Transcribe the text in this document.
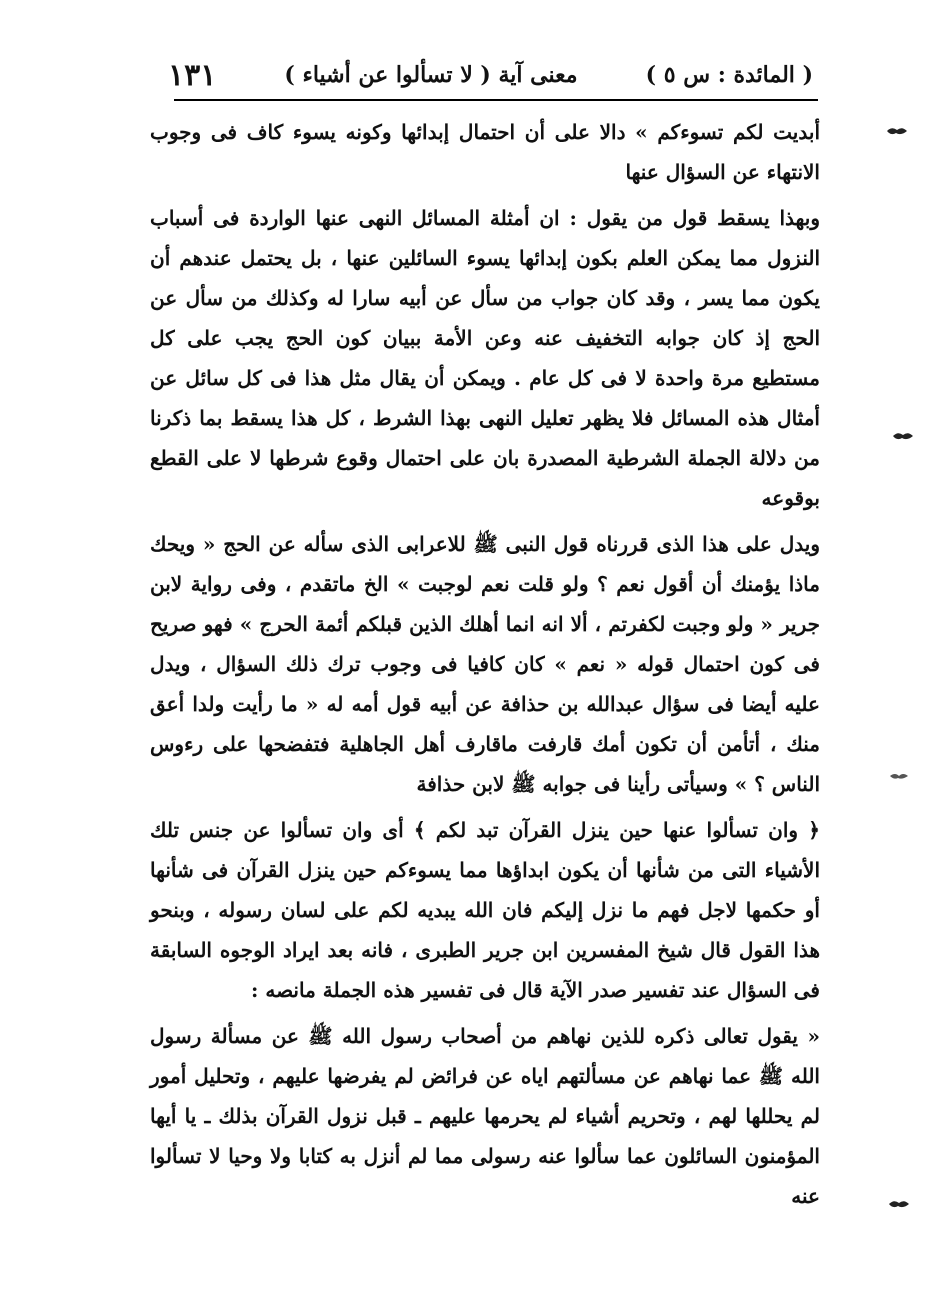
( المائدة : س ٥ )
معنى آية ( لا تسألوا عن أشياء )
١٣١

أبديت لكم تسوءكم » دالا على أن احتمال إبدائها وكونه يسوء كاف فى وجوب الانتهاء عن السؤال عنها

وبهذا يسقط قول من يقول : ان أمثلة المسائل النهى عنها الواردة فى أسباب النزول مما يمكن العلم بكون إبدائها يسوء السائلين عنها ، بل يحتمل عندهم أن يكون مما يسر ، وقد كان جواب من سأل عن أبيه سارا له وكذلك من سأل عن الحج إذ كان جوابه التخفيف عنه وعن الأمة ببيان كون الحج يجب على كل مستطيع مرة واحدة لا فى كل عام . ويمكن أن يقال مثل هذا فى كل سائل عن أمثال هذه المسائل فلا يظهر تعليل النهى بهذا الشرط ، كل هذا يسقط بما ذكرنا من دلالة الجملة الشرطية المصدرة بان على احتمال وقوع شرطها لا على القطع بوقوعه

ويدل على هذا الذى قررناه قول النبى ﷺ للاعرابى الذى سأله عن الحج « ويحك ماذا يؤمنك أن أقول نعم ؟ ولو قلت نعم لوجبت » الخ ماتقدم ، وفى رواية لابن جرير « ولو وجبت لكفرتم ، ألا انه انما أهلك الذين قبلكم أئمة الحرج » فهو صريح فى كون احتمال قوله « نعم » كان كافيا فى وجوب ترك ذلك السؤال ، ويدل عليه أيضا فى سؤال عبدالله بن حذافة عن أبيه قول أمه له « ما رأيت ولدا أعق منك ، أتأمن أن تكون أمك قارفت ماقارف أهل الجاهلية فتفضحها على رءوس الناس ؟ » وسيأتى رأينا فى جوابه ﷺ لابن حذافة

﴿ وان تسألوا عنها حين ينزل القرآن تبد لكم ﴾ أى وان تسألوا عن جنس تلك الأشياء التى من شأنها أن يكون ابداؤها مما يسوءكم حين ينزل القرآن فى شأنها أو حكمها لاجل فهم ما نزل إليكم فان الله يبديه لكم على لسان رسوله ، وبنحو هذا القول قال شيخ المفسرين ابن جرير الطبرى ، فانه بعد ايراد الوجوه السابقة فى السؤال عند تفسير صدر الآية قال فى تفسير هذه الجملة مانصه :

« يقول تعالى ذكره للذين نهاهم من أصحاب رسول الله ﷺ عن مسألة رسول الله ﷺ عما نهاهم عن مسألتهم اياه عن فرائض لم يفرضها عليهم ، وتحليل أمور لم يحللها لهم ، وتحريم أشياء لم يحرمها عليهم ـ قبل نزول القرآن بذلك ـ يا أيها المؤمنون السائلون عما سألوا عنه رسولى مما لم أنزل به كتابا ولا وحيا لا تسألوا عنه
